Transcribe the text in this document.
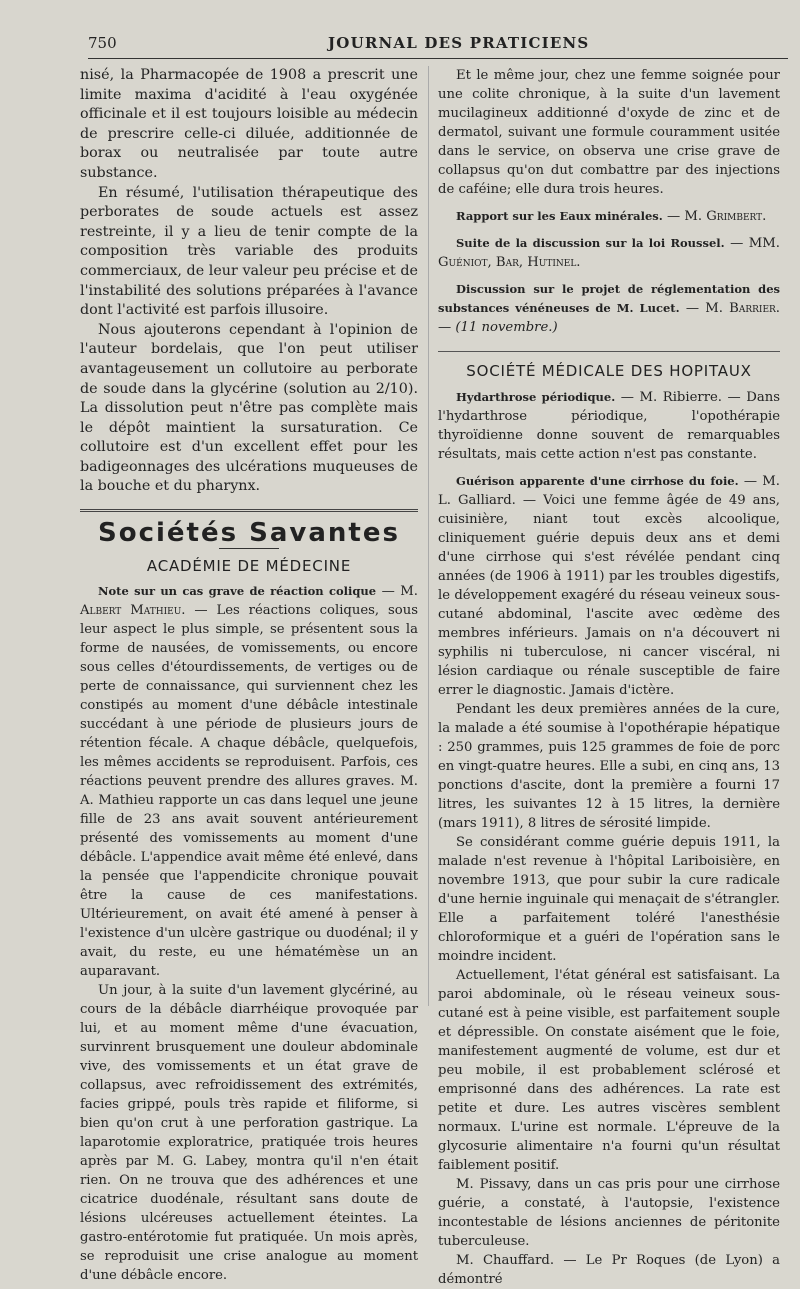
750	JOURNAL DES PRATICIENS

nisé, la Pharmacopée de 1908 a prescrit une limite maxima d'acidité à l'eau oxygénée officinale et il est toujours loisible au médecin de prescrire celle-ci diluée, additionnée de borax ou neutralisée par toute autre substance.

En résumé, l'utilisation thérapeutique des perborates de soude actuels est assez restreinte, il y a lieu de tenir compte de la composition très variable des produits commerciaux, de leur valeur peu précise et de l'instabilité des solutions préparées à l'avance dont l'activité est parfois illusoire.

Nous ajouterons cependant à l'opinion de l'auteur bordelais, que l'on peut utiliser avantageusement un collutoire au perborate de soude dans la glycérine (solution au 2/10). La dissolution peut n'être pas complète mais le dépôt maintient la sursaturation. Ce collutoire est d'un excellent effet pour les badigeonnages des ulcérations muqueuses de la bouche et du pharynx.

Sociétés Savantes
ACADÉMIE DE MÉDECINE

Note sur un cas grave de réaction colique — M. Albert Mathieu. — Les réactions coliques, sous leur aspect le plus simple, se présentent sous la forme de nausées, de vomissements, ou encore sous celles d'étourdissements, de vertiges ou de perte de connaissance, qui surviennent chez les constipés au moment d'une débâcle intestinale succédant à une période de plusieurs jours de rétention fécale. A chaque débâcle, quelquefois, les mêmes accidents se reproduisent. Parfois, ces réactions peuvent prendre des allures graves. M. A. Mathieu rapporte un cas dans lequel une jeune fille de 23 ans avait souvent antérieurement présenté des vomissements au moment d'une débâcle. L'appendice avait même été enlevé, dans la pensée que l'appendicite chronique pouvait être la cause de ces manifestations. Ultérieurement, on avait été amené à penser à l'existence d'un ulcère gastrique ou duodénal; il y avait, du reste, eu une hématémèse un an auparavant.

Un jour, à la suite d'un lavement glycériné, au cours de la débâcle diarrhéique provoquée par lui, et au moment même d'une évacuation, survinrent brusquement une douleur abdominale vive, des vomissements et un état grave de collapsus, avec refroidissement des extrémités, facies grippé, pouls très rapide et filiforme, si bien qu'on crut à une perforation gastrique. La laparotomie exploratrice, pratiquée trois heures après par M. G. Labey, montra qu'il n'en était rien. On ne trouva que des adhérences et une cicatrice duodénale, résultant sans doute de lésions ulcéreuses actuellement éteintes. La gastro-entérotomie fut pratiquée. Un mois après, se reproduisit une crise analogue au moment d'une débâcle encore.

Et le même jour, chez une femme soignée pour une colite chronique, à la suite d'un lavement mucilagineux additionné d'oxyde de zinc et de dermatol, suivant une formule couramment usitée dans le service, on observa une crise grave de collapsus qu'on dut combattre par des injections de caféine; elle dura trois heures.

Rapport sur les Eaux minérales. — M. Grimbert.

Suite de la discussion sur la loi Roussel. — MM. Guéniot, Bar, Hutinel.

Discussion sur le projet de réglementation des substances vénéneuses de M. Lucet. — M. Barrier. — (11 novembre.)

SOCIÉTÉ MÉDICALE DES HOPITAUX

Hydarthrose périodique. — M. Ribierre. — Dans l'hydarthrose périodique, l'opothérapie thyroïdienne donne souvent de remarquables résultats, mais cette action n'est pas constante.

Guérison apparente d'une cirrhose du foie. — M. L. Galliard. — Voici une femme âgée de 49 ans, cuisinière, niant tout excès alcoolique, cliniquement guérie depuis deux ans et demi d'une cirrhose qui s'est révélée pendant cinq années (de 1906 à 1911) par les troubles digestifs, le développement exagéré du réseau veineux sous-cutané abdominal, l'ascite avec œdème des membres inférieurs. Jamais on n'a découvert ni syphilis ni tuberculose, ni cancer viscéral, ni lésion cardiaque ou rénale susceptible de faire errer le diagnostic. Jamais d'ictère.

Pendant les deux premières années de la cure, la malade a été soumise à l'opothérapie hépatique : 250 grammes, puis 125 grammes de foie de porc en vingt-quatre heures. Elle a subi, en cinq ans, 13 ponctions d'ascite, dont la première a fourni 17 litres, les suivantes 12 à 15 litres, la dernière (mars 1911), 8 litres de sérosité limpide.

Se considérant comme guérie depuis 1911, la malade n'est revenue à l'hôpital Lariboisière, en novembre 1913, que pour subir la cure radicale d'une hernie inguinale qui menaçait de s'étrangler. Elle a parfaitement toléré l'anesthésie chloroformique et a guéri de l'opération sans le moindre incident.

Actuellement, l'état général est satisfaisant. La paroi abdominale, où le réseau veineux sous-cutané est à peine visible, est parfaitement souple et dépressible. On constate aisément que le foie, manifestement augmenté de volume, est dur et peu mobile, il est probablement sclérosé et emprisonné dans des adhérences. La rate est petite et dure. Les autres viscères semblent normaux. L'urine est normale. L'épreuve de la glycosurie alimentaire n'a fourni qu'un résultat faiblement positif.

M. Pissavy, dans un cas pris pour une cirrhose guérie, a constaté, à l'autopsie, l'existence incontestable de lésions anciennes de péritonite tuberculeuse.

M. Chauffard. — Le Pr Roques (de Lyon) a démontré
